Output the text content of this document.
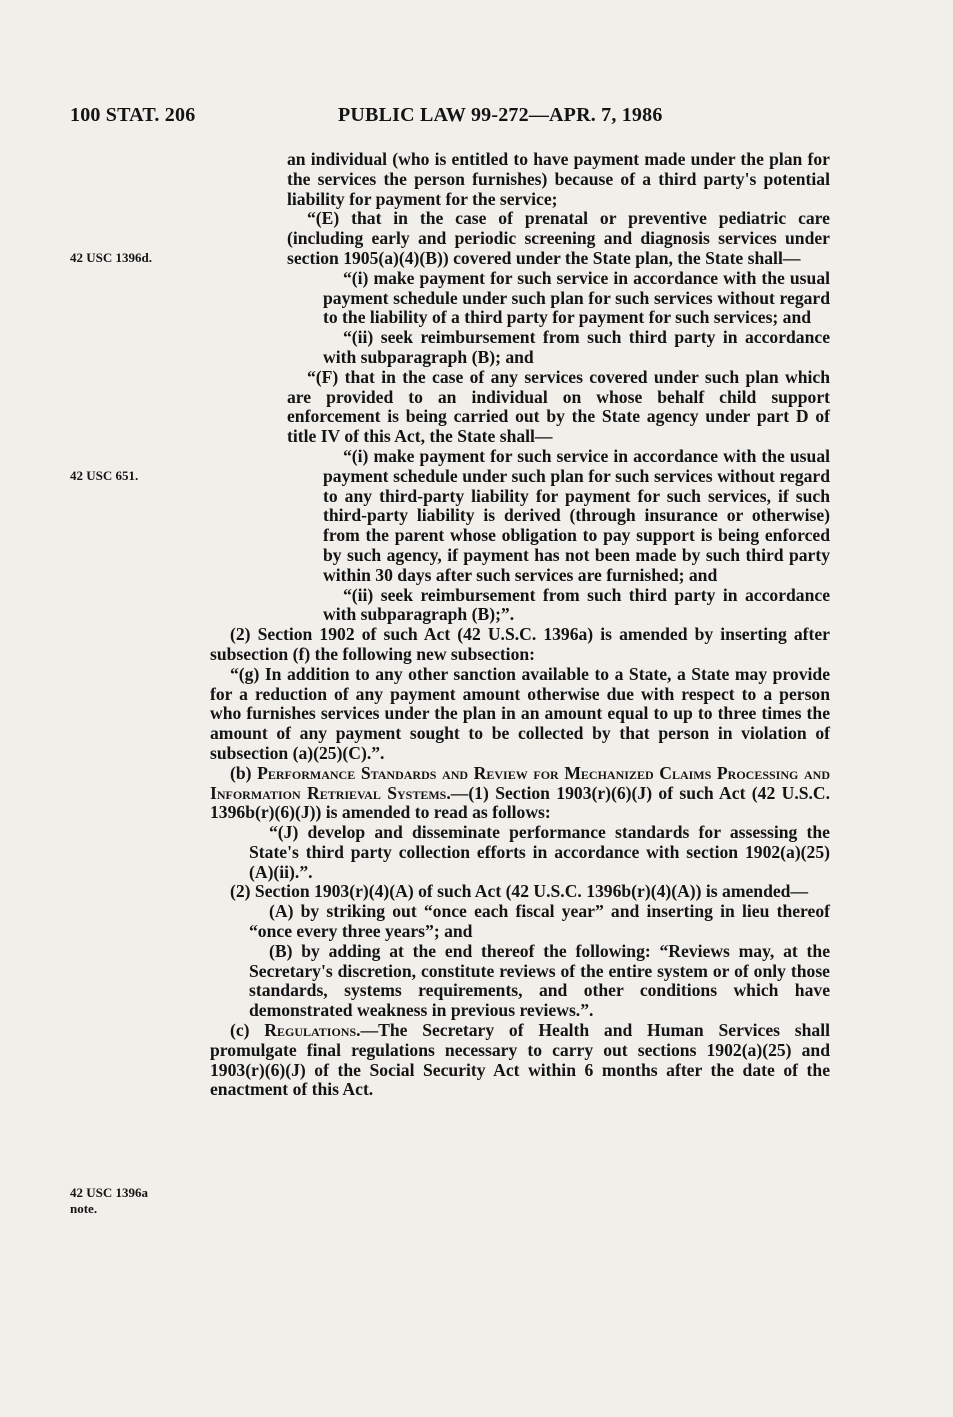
100 STAT. 206	PUBLIC LAW 99-272—APR. 7, 1986
42 USC 1396d.
42 USC 651.
42 USC 1396a
note.

an individual (who is entitled to have payment made under the plan for the services the person furnishes) because of a third party's potential liability for payment for the service;

“(E) that in the case of prenatal or preventive pediatric care (including early and periodic screening and diagnosis services under section 1905(a)(4)(B)) covered under the State plan, the State shall—

“(i) make payment for such service in accordance with the usual payment schedule under such plan for such services without regard to the liability of a third party for payment for such services; and

“(ii) seek reimbursement from such third party in accordance with subparagraph (B); and

“(F) that in the case of any services covered under such plan which are provided to an individual on whose behalf child support enforcement is being carried out by the State agency under part D of title IV of this Act, the State shall—

“(i) make payment for such service in accordance with the usual payment schedule under such plan for such services without regard to any third-party liability for payment for such services, if such third-party liability is derived (through insurance or otherwise) from the parent whose obligation to pay support is being enforced by such agency, if payment has not been made by such third party within 30 days after such services are furnished; and

“(ii) seek reimbursement from such third party in accordance with subparagraph (B);”.

(2) Section 1902 of such Act (42 U.S.C. 1396a) is amended by inserting after subsection (f) the following new subsection:

“(g) In addition to any other sanction available to a State, a State may provide for a reduction of any payment amount otherwise due with respect to a person who furnishes services under the plan in an amount equal to up to three times the amount of any payment sought to be collected by that person in violation of subsection (a)(25)(C).”.

(b) Performance Standards and Review for Mechanized Claims Processing and Information Retrieval Systems.—(1) Section 1903(r)(6)(J) of such Act (42 U.S.C. 1396b(r)(6)(J)) is amended to read as follows:

“(J) develop and disseminate performance standards for assessing the State's third party collection efforts in accordance with section 1902(a)(25)(A)(ii).”.

(2) Section 1903(r)(4)(A) of such Act (42 U.S.C. 1396b(r)(4)(A)) is amended—

(A) by striking out “once each fiscal year” and inserting in lieu thereof “once every three years”; and

(B) by adding at the end thereof the following: “Reviews may, at the Secretary's discretion, constitute reviews of the entire system or of only those standards, systems requirements, and other conditions which have demonstrated weakness in previous reviews.”.

(c) Regulations.—The Secretary of Health and Human Services shall promulgate final regulations necessary to carry out sections 1902(a)(25) and 1903(r)(6)(J) of the Social Security Act within 6 months after the date of the enactment of this Act.
